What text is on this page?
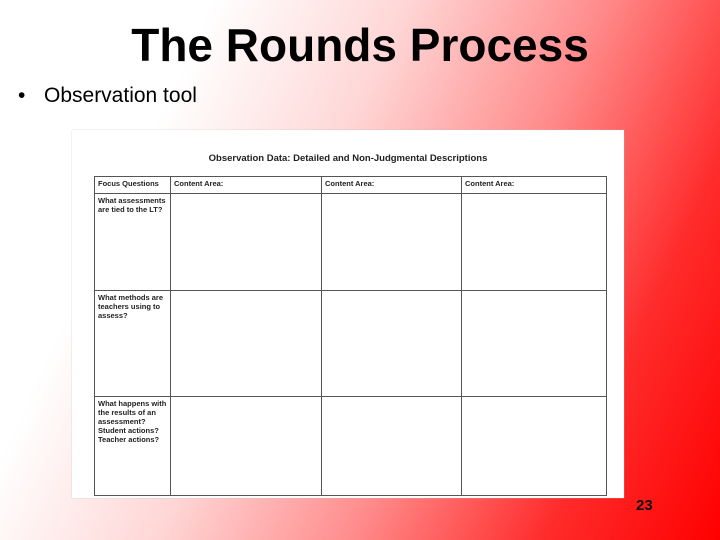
The Rounds Process
• Observation tool
Observation Data: Detailed and Non-Judgmental Descriptions
Focus Questions	Content Area:	Content Area:	Content Area:
What assessments are tied to the LT?			
What methods are teachers using to assess?			
What happens with the results of an assessment? Student actions? Teacher actions?			
23
